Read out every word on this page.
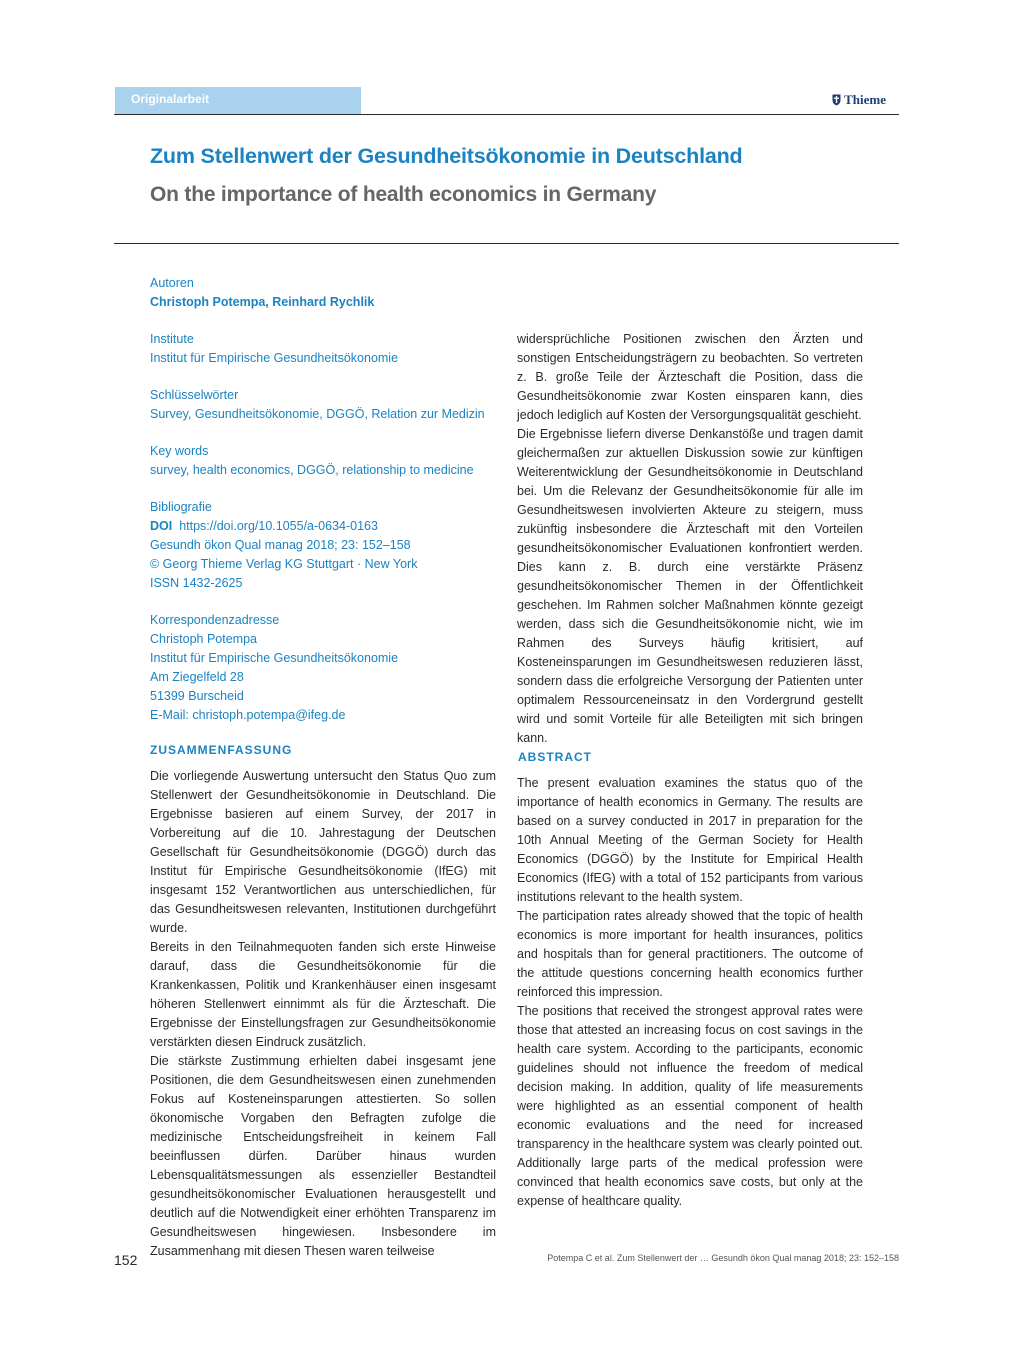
Originalarbeit	Thieme
Zum Stellenwert der Gesundheitsökonomie in Deutschland
On the importance of health economics in Germany
Autoren
Christoph Potempa, Reinhard Rychlik
Institute
Institut für Empirische Gesundheitsökonomie
Schlüsselwörter
Survey, Gesundheitsökonomie, DGGÖ, Relation zur Medizin
Key words
survey, health economics, DGGÖ, relationship to medicine
Bibliografie
DOI https://doi.org/10.1055/a-0634-0163
Gesundh ökon Qual manag 2018; 23: 152–158
© Georg Thieme Verlag KG Stuttgart · New York
ISSN 1432-2625
Korrespondenzadresse
Christoph Potempa
Institut für Empirische Gesundheitsökonomie
Am Ziegelfeld 28
51399 Burscheid
E-Mail: christoph.potempa@ifeg.de
ZUSAMMENFASSUNG

Die vorliegende Auswertung untersucht den Status Quo zum Stellenwert der Gesundheitsökonomie in Deutschland. Die Ergebnisse basieren auf einem Survey, der 2017 in Vorbereitung auf die 10. Jahrestagung der Deutschen Gesellschaft für Gesundheitsökonomie (DGGÖ) durch das Institut für Empirische Gesundheitsökonomie (IfEG) mit insgesamt 152 Verantwortlichen aus unterschiedlichen, für das Gesundheitswesen relevanten, Institutionen durchgeführt wurde.

Bereits in den Teilnahmequoten fanden sich erste Hinweise darauf, dass die Gesundheitsökonomie für die Krankenkassen, Politik und Krankenhäuser einen insgesamt höheren Stellenwert einnimmt als für die Ärzteschaft. Die Ergebnisse der Einstellungsfragen zur Gesundheitsökonomie verstärkten diesen Eindruck zusätzlich.

Die stärkste Zustimmung erhielten dabei insgesamt jene Positionen, die dem Gesundheitswesen einen zunehmenden Fokus auf Kosteneinsparungen attestierten. So sollen ökonomische Vorgaben den Befragten zufolge die medizinische Entscheidungsfreiheit in keinem Fall beeinflussen dürfen. Darüber hinaus wurden Lebensqualitätsmessungen als essenzieller Bestandteil gesundheitsökonomischer Evaluationen herausgestellt und deutlich auf die Notwendigkeit einer erhöhten Transparenz im Gesundheitswesen hingewiesen. Insbesondere im Zusammenhang mit diesen Thesen waren teilweise

widersprüchliche Positionen zwischen den Ärzten und sonstigen Entscheidungsträgern zu beobachten. So vertreten z. B. große Teile der Ärzteschaft die Position, dass die Gesundheitsökonomie zwar Kosten einsparen kann, dies jedoch lediglich auf Kosten der Versorgungsqualität geschieht.

Die Ergebnisse liefern diverse Denkanstöße und tragen damit gleichermaßen zur aktuellen Diskussion sowie zur künftigen Weiterentwicklung der Gesundheitsökonomie in Deutschland bei. Um die Relevanz der Gesundheitsökonomie für alle im Gesundheitswesen involvierten Akteure zu steigern, muss zukünftig insbesondere die Ärzteschaft mit den Vorteilen gesundheitsökonomischer Evaluationen konfrontiert werden. Dies kann z. B. durch eine verstärkte Präsenz gesundheitsökonomischer Themen in der Öffentlichkeit geschehen. Im Rahmen solcher Maßnahmen könnte gezeigt werden, dass sich die Gesundheitsökonomie nicht, wie im Rahmen des Surveys häufig kritisiert, auf Kosteneinsparungen im Gesundheitswesen reduzieren lässt, sondern dass die erfolgreiche Versorgung der Patienten unter optimalem Ressourceneinsatz in den Vordergrund gestellt wird und somit Vorteile für alle Beteiligten mit sich bringen kann.

ABSTRACT

The present evaluation examines the status quo of the importance of health economics in Germany. The results are based on a survey conducted in 2017 in preparation for the 10th Annual Meeting of the German Society for Health Economics (DGGÖ) by the Institute for Empirical Health Economics (IfEG) with a total of 152 participants from various institutions relevant to the health system.

The participation rates already showed that the topic of health economics is more important for health insurances, politics and hospitals than for general practitioners. The outcome of the attitude questions concerning health economics further reinforced this impression.

The positions that received the strongest approval rates were those that attested an increasing focus on cost savings in the health care system. According to the participants, economic guidelines should not influence the freedom of medical decision making. In addition, quality of life measurements were highlighted as an essential component of health economic evaluations and the need for increased transparency in the healthcare system was clearly pointed out. Additionally large parts of the medical profession were convinced that health economics save costs, but only at the expense of healthcare quality.

152	Potempa C et al. Zum Stellenwert der … Gesundh ökon Qual manag 2018; 23: 152–158
